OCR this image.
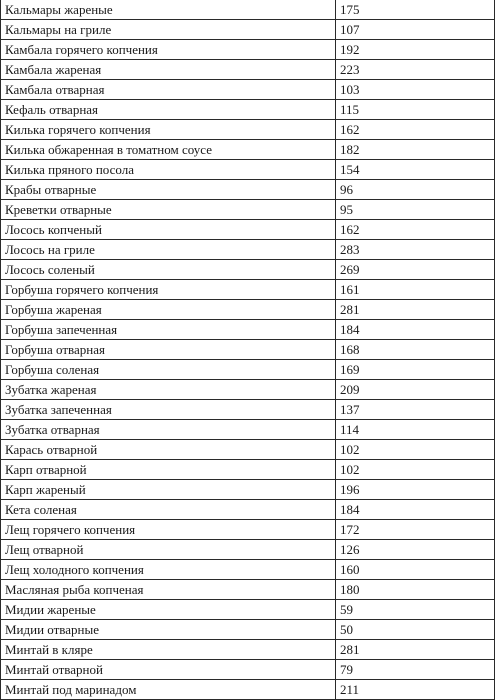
Кальмары жареные	175
Кальмары на гриле	107
Камбала горячего копчения	192
Камбала жареная	223
Камбала отварная	103
Кефаль отварная	115
Килька горячего копчения	162
Килька обжаренная в томатном соусе	182
Килька пряного посола	154
Крабы отварные	96
Креветки отварные	95
Лосось копченый	162
Лосось на гриле	283
Лосось соленый	269
Горбуша горячего копчения	161
Горбуша жареная	281
Горбуша запеченная	184
Горбуша отварная	168
Горбуша соленая	169
Зубатка жареная	209
Зубатка запеченная	137
Зубатка отварная	114
Карась отварной	102
Карп отварной	102
Карп жареный	196
Кета соленая	184
Лещ горячего копчения	172
Лещ отварной	126
Лещ холодного копчения	160
Масляная рыба копченая	180
Мидии жареные	59
Мидии отварные	50
Минтай в кляре	281
Минтай отварной	79
Минтай под маринадом	211
